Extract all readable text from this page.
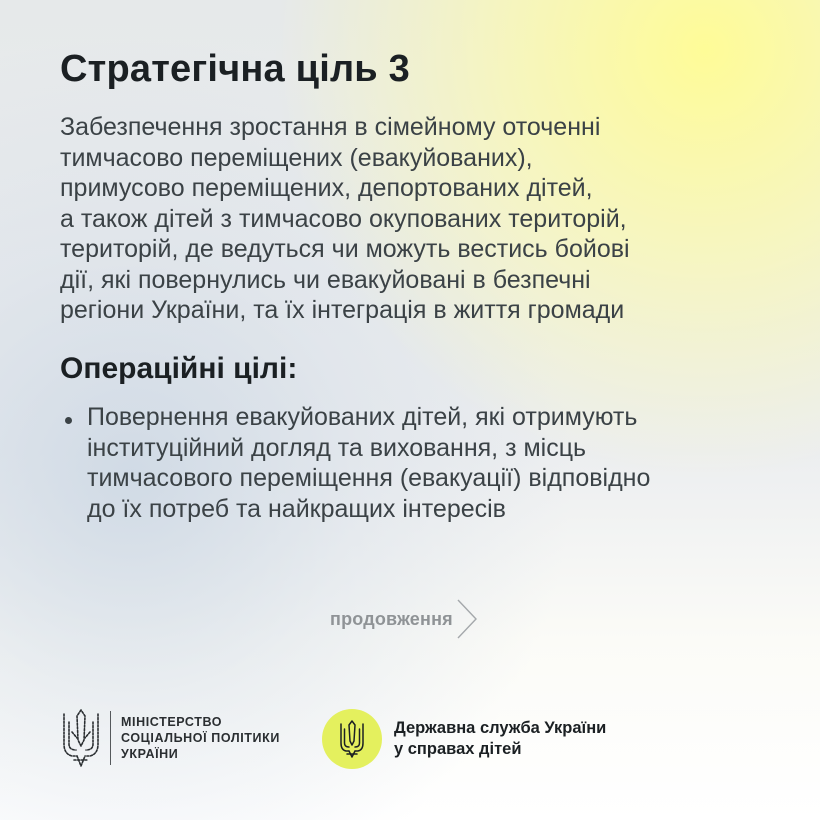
Стратегічна ціль 3

Забезпечення зростання в сімейному оточенні
тимчасово переміщених (евакуйованих),
примусово переміщених, депортованих дітей,
а також дітей з тимчасово окупованих територій,
територій, де ведуться чи можуть вестись бойові
дії, які повернулись чи евакуйовані в безпечні
регіони України, та їх інтеграція в життя громади

Операційні цілі:
Повернення евакуйованих дітей, які отримують
інституційний догляд та виховання, з місць
тимчасового переміщення (евакуації) відповідно
до їх потреб та найкращих інтересів
продовження
МІНІСТЕРСТВО
СОЦІАЛЬНОЇ ПОЛІТИКИ
УКРАЇНИ
Державна служба України
у справах дітей
